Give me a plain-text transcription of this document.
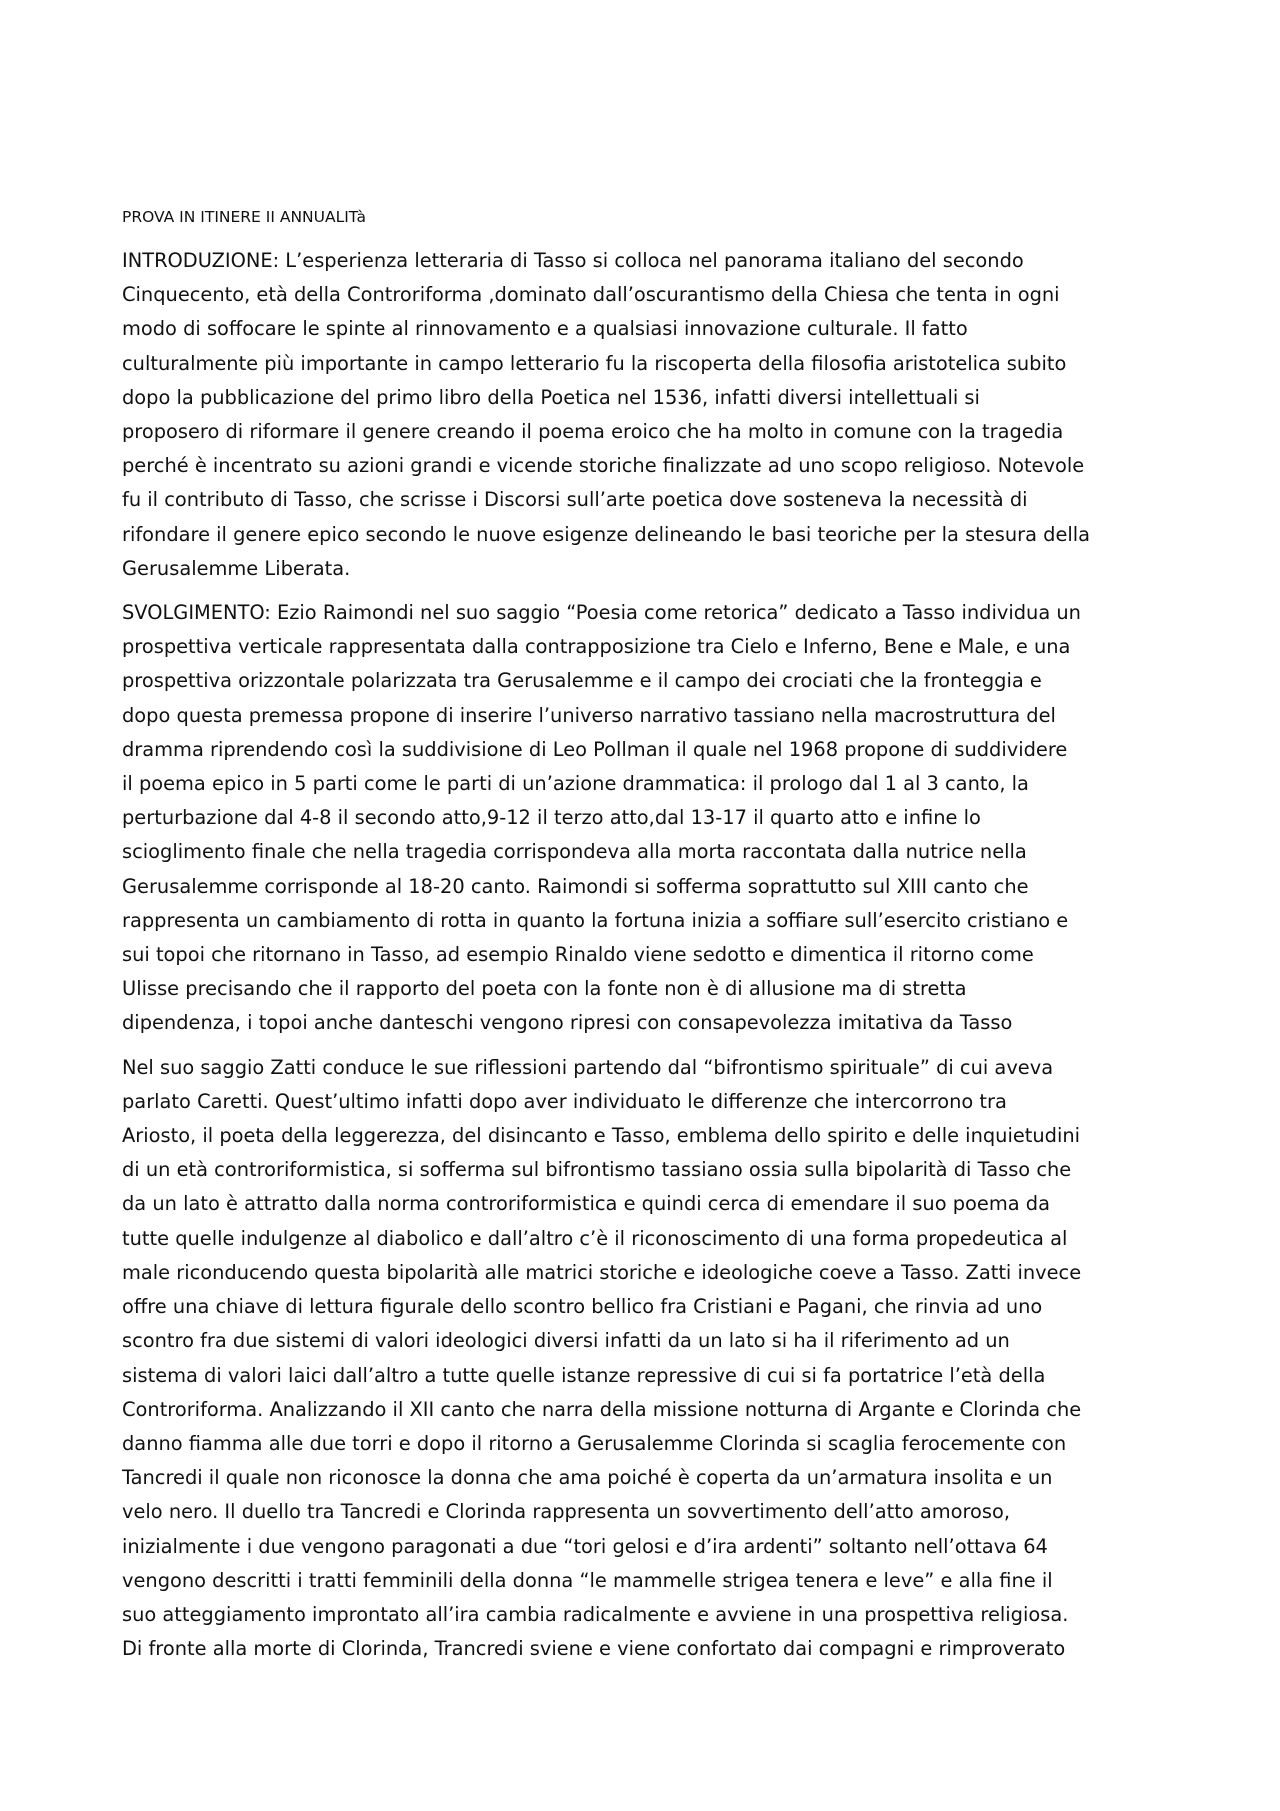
PROVA IN ITINERE II ANNUALITà

INTRODUZIONE: L’esperienza letteraria di Tasso si colloca nel panorama italiano del secondo
Cinquecento, età della Controriforma ,dominato dall’oscurantismo della Chiesa che tenta in ogni
modo di soffocare le spinte al rinnovamento e a qualsiasi innovazione culturale. Il fatto
culturalmente più importante in campo letterario fu la riscoperta della filosofia aristotelica subito
dopo la pubblicazione del primo libro della Poetica nel 1536, infatti diversi intellettuali si
proposero di riformare il genere creando il poema eroico che ha molto in comune con la tragedia
perché è incentrato su azioni grandi e vicende storiche finalizzate ad uno scopo religioso. Notevole
fu il contributo di Tasso, che scrisse i Discorsi sull’arte poetica dove sosteneva la necessità di
rifondare il genere epico secondo le nuove esigenze delineando le basi teoriche per la stesura della
Gerusalemme Liberata.

SVOLGIMENTO: Ezio Raimondi nel suo saggio “Poesia come retorica” dedicato a Tasso individua un
prospettiva verticale rappresentata dalla contrapposizione tra Cielo e Inferno, Bene e Male, e una
prospettiva orizzontale polarizzata tra Gerusalemme e il campo dei crociati che la fronteggia e
dopo questa premessa propone di inserire l’universo narrativo tassiano nella macrostruttura del
dramma riprendendo così la suddivisione di Leo Pollman il quale nel 1968 propone di suddividere
il poema epico in 5 parti come le parti di un’azione drammatica: il prologo dal 1 al 3 canto, la
perturbazione dal 4-8 il secondo atto,9-12 il terzo atto,dal 13-17 il quarto atto e infine lo
scioglimento finale che nella tragedia corrispondeva alla morta raccontata dalla nutrice nella
Gerusalemme corrisponde al 18-20 canto. Raimondi si sofferma soprattutto sul XIII canto che
rappresenta un cambiamento di rotta in quanto la fortuna inizia a soffiare sull’esercito cristiano e
sui topoi che ritornano in Tasso, ad esempio Rinaldo viene sedotto e dimentica il ritorno come
Ulisse precisando che il rapporto del poeta con la fonte non è di allusione ma di stretta
dipendenza, i topoi anche danteschi vengono ripresi con consapevolezza imitativa da Tasso

Nel suo saggio Zatti conduce le sue riflessioni partendo dal “bifrontismo spirituale” di cui aveva
parlato Caretti. Quest’ultimo infatti dopo aver individuato le differenze che intercorrono tra
Ariosto, il poeta della leggerezza, del disincanto e Tasso, emblema dello spirito e delle inquietudini
di un età controriformistica, si sofferma sul bifrontismo tassiano ossia sulla bipolarità di Tasso che
da un lato è attratto dalla norma controriformistica e quindi cerca di emendare il suo poema da
tutte quelle indulgenze al diabolico e dall’altro c’è il riconoscimento di una forma propedeutica al
male riconducendo questa bipolarità alle matrici storiche e ideologiche coeve a Tasso. Zatti invece
offre una chiave di lettura figurale dello scontro bellico fra Cristiani e Pagani, che rinvia ad uno
scontro fra due sistemi di valori ideologici diversi infatti da un lato si ha il riferimento ad un
sistema di valori laici dall’altro a tutte quelle istanze repressive di cui si fa portatrice l’età della
Controriforma. Analizzando il XII canto che narra della missione notturna di Argante e Clorinda che
danno fiamma alle due torri e dopo il ritorno a Gerusalemme Clorinda si scaglia ferocemente con
Tancredi il quale non riconosce la donna che ama poiché è coperta da un’armatura insolita e un
velo nero. Il duello tra Tancredi e Clorinda rappresenta un sovvertimento dell’atto amoroso,
inizialmente i due vengono paragonati a due “tori gelosi e d’ira ardenti” soltanto nell’ottava 64
vengono descritti i tratti femminili della donna “le mammelle strigea tenera e leve” e alla fine il
suo atteggiamento improntato all’ira cambia radicalmente e avviene in una prospettiva religiosa.
Di fronte alla morte di Clorinda, Trancredi sviene e viene confortato dai compagni e rimproverato
